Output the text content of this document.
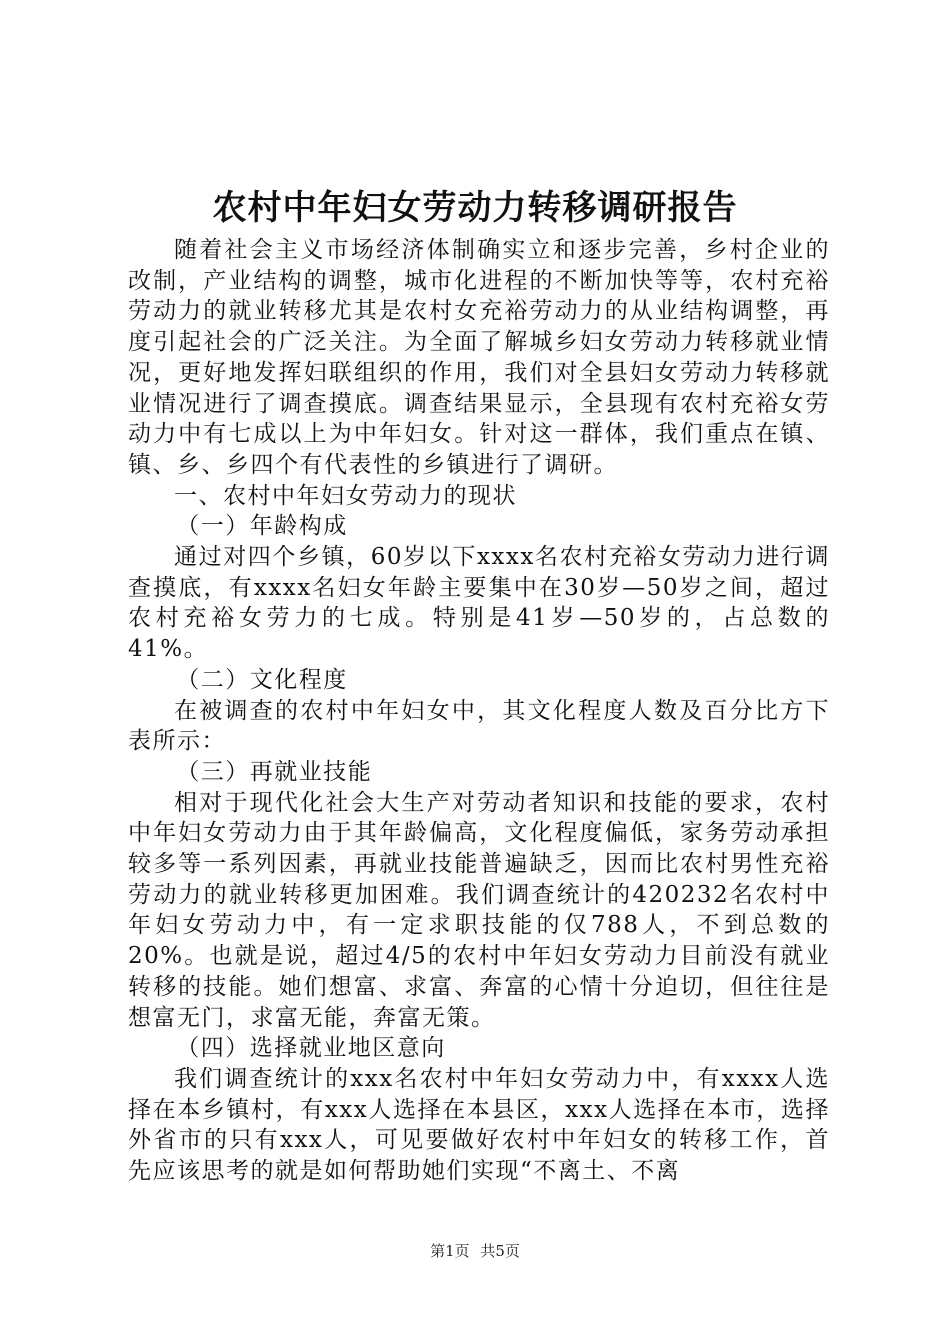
农村中年妇女劳动力转移调研报告

随着社会主义市场经济体制确实立和逐步完善，乡村企业的改制，产业结构的调整，城市化进程的不断加快等等，农村充裕劳动力的就业转移尤其是农村女充裕劳动力的从业结构调整，再度引起社会的广泛关注。为全面了解城乡妇女劳动力转移就业情况，更好地发挥妇联组织的作用，我们对全县妇女劳动力转移就业情况进行了调查摸底。调查结果显示，全县现有农村充裕女劳动力中有七成以上为中年妇女。针对这一群体，我们重点在镇、镇、乡、乡四个有代表性的乡镇进行了调研。

一、农村中年妇女劳动力的现状

（一）年龄构成

通过对四个乡镇，60岁以下xxxx名农村充裕女劳动力进行调查摸底，有xxxx名妇女年龄主要集中在30岁—50岁之间，超过农村充裕女劳力的七成。特别是41岁—50岁的，占总数的41%。

（二）文化程度

在被调查的农村中年妇女中，其文化程度人数及百分比方下表所示：

（三）再就业技能

相对于现代化社会大生产对劳动者知识和技能的要求，农村中年妇女劳动力由于其年龄偏高，文化程度偏低，家务劳动承担较多等一系列因素，再就业技能普遍缺乏，因而比农村男性充裕劳动力的就业转移更加困难。我们调查统计的420232名农村中年妇女劳动力中，有一定求职技能的仅788人，不到总数的20%。也就是说，超过4/5的农村中年妇女劳动力目前没有就业转移的技能。她们想富、求富、奔富的心情十分迫切，但往往是想富无门，求富无能，奔富无策。

（四）选择就业地区意向

我们调查统计的xxx名农村中年妇女劳动力中，有xxxx人选择在本乡镇村，有xxx人选择在本县区，xxx人选择在本市，选择外省市的只有xxx人，可见要做好农村中年妇女的转移工作，首先应该思考的就是如何帮助她们实现“不离土、不离

第1页 共5页
